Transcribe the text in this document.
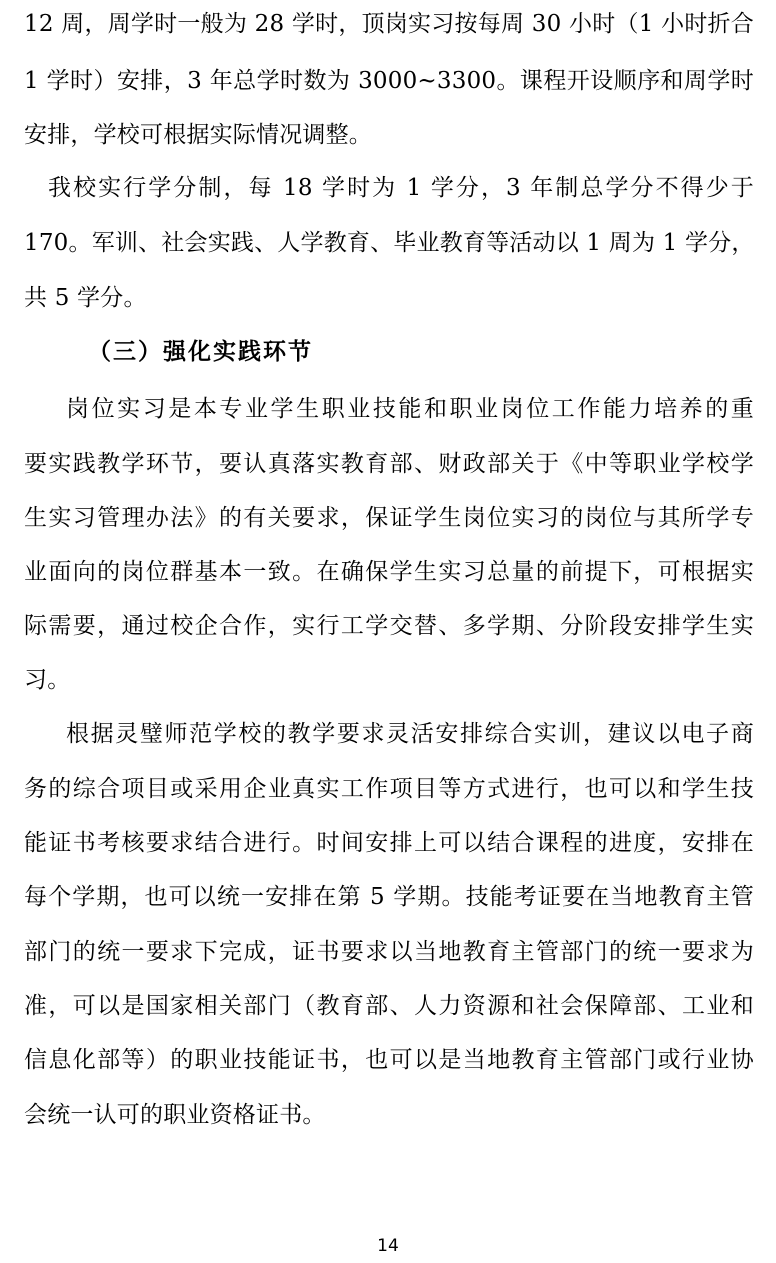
12 周，周学时一般为 28 学时，顶岗实习按每周 30 小时（1 小时折合
1 学时）安排，3 年总学时数为 3000~3300。课程开设顺序和周学时
安排，学校可根据实际情况调整。
我校实行学分制，每 18 学时为 1 学分，3 年制总学分不得少于
170。军训、社会实践、人学教育、毕业教育等活动以 1 周为 1 学分，
共 5 学分。
（三）强化实践环节
岗位实习是本专业学生职业技能和职业岗位工作能力培养的重
要实践教学环节，要认真落实教育部、财政部关于《中等职业学校学
生实习管理办法》的有关要求，保证学生岗位实习的岗位与其所学专
业面向的岗位群基本一致。在确保学生实习总量的前提下，可根据实
际需要，通过校企合作，实行工学交替、多学期、分阶段安排学生实
习。
根据灵璧师范学校的教学要求灵活安排综合实训，建议以电子商
务的综合项目或采用企业真实工作项目等方式进行，也可以和学生技
能证书考核要求结合进行。时间安排上可以结合课程的进度，安排在
每个学期，也可以统一安排在第 5 学期。技能考证要在当地教育主管
部门的统一要求下完成，证书要求以当地教育主管部门的统一要求为
准，可以是国家相关部门（教育部、人力资源和社会保障部、工业和
信息化部等）的职业技能证书，也可以是当地教育主管部门或行业协
会统一认可的职业资格证书。
14
